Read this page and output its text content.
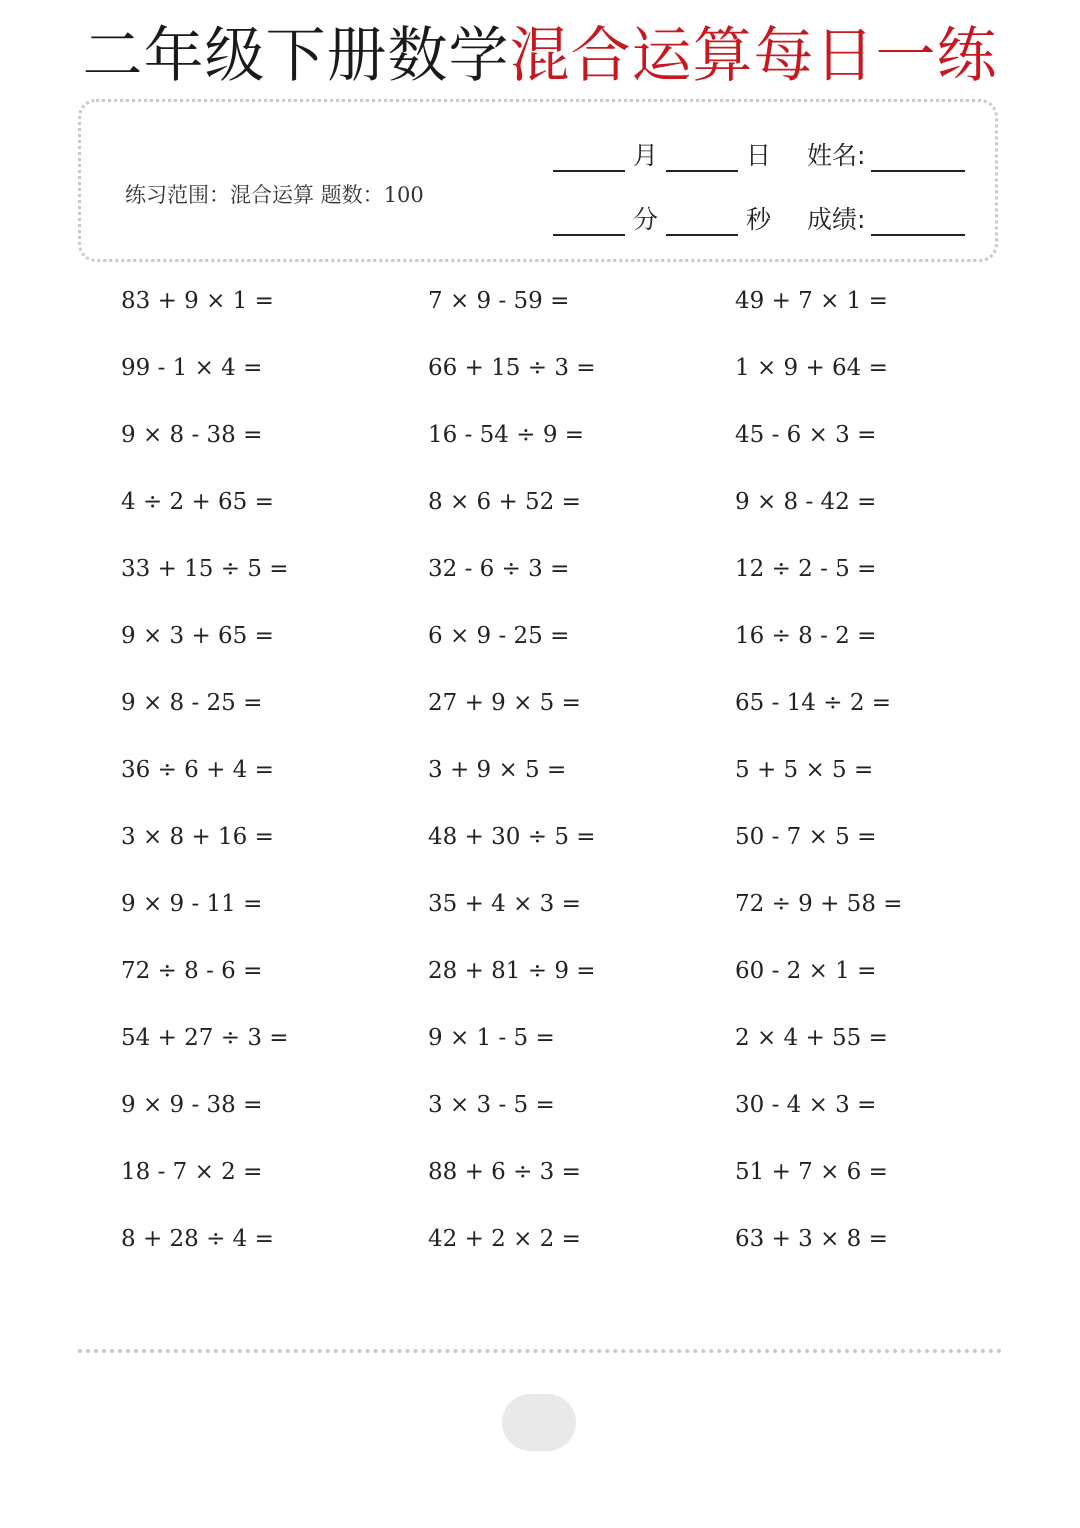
二年级下册数学混合运算每日一练
练习范围：混合运算 题数：100
月	日 姓名:
分	秒 成绩:
83 + 9 × 1 =	7 × 9 - 59 =	49 + 7 × 1 =
99 - 1 × 4 =	66 + 15 ÷ 3 =	1 × 9 + 64 =
9 × 8 - 38 =	16 - 54 ÷ 9 =	45 - 6 × 3 =
4 ÷ 2 + 65 =	8 × 6 + 52 =	9 × 8 - 42 =
33 + 15 ÷ 5 =	32 - 6 ÷ 3 =	12 ÷ 2 - 5 =
9 × 3 + 65 =	6 × 9 - 25 =	16 ÷ 8 - 2 =
9 × 8 - 25 =	27 + 9 × 5 =	65 - 14 ÷ 2 =
36 ÷ 6 + 4 =	3 + 9 × 5 =	5 + 5 × 5 =
3 × 8 + 16 =	48 + 30 ÷ 5 =	50 - 7 × 5 =
9 × 9 - 11 =	35 + 4 × 3 =	72 ÷ 9 + 58 =
72 ÷ 8 - 6 =	28 + 81 ÷ 9 =	60 - 2 × 1 =
54 + 27 ÷ 3 =	9 × 1 - 5 =	2 × 4 + 55 =
9 × 9 - 38 =	3 × 3 - 5 =	30 - 4 × 3 =
18 - 7 × 2 =	88 + 6 ÷ 3 =	51 + 7 × 6 =
8 + 28 ÷ 4 =	42 + 2 × 2 =	63 + 3 × 8 =
